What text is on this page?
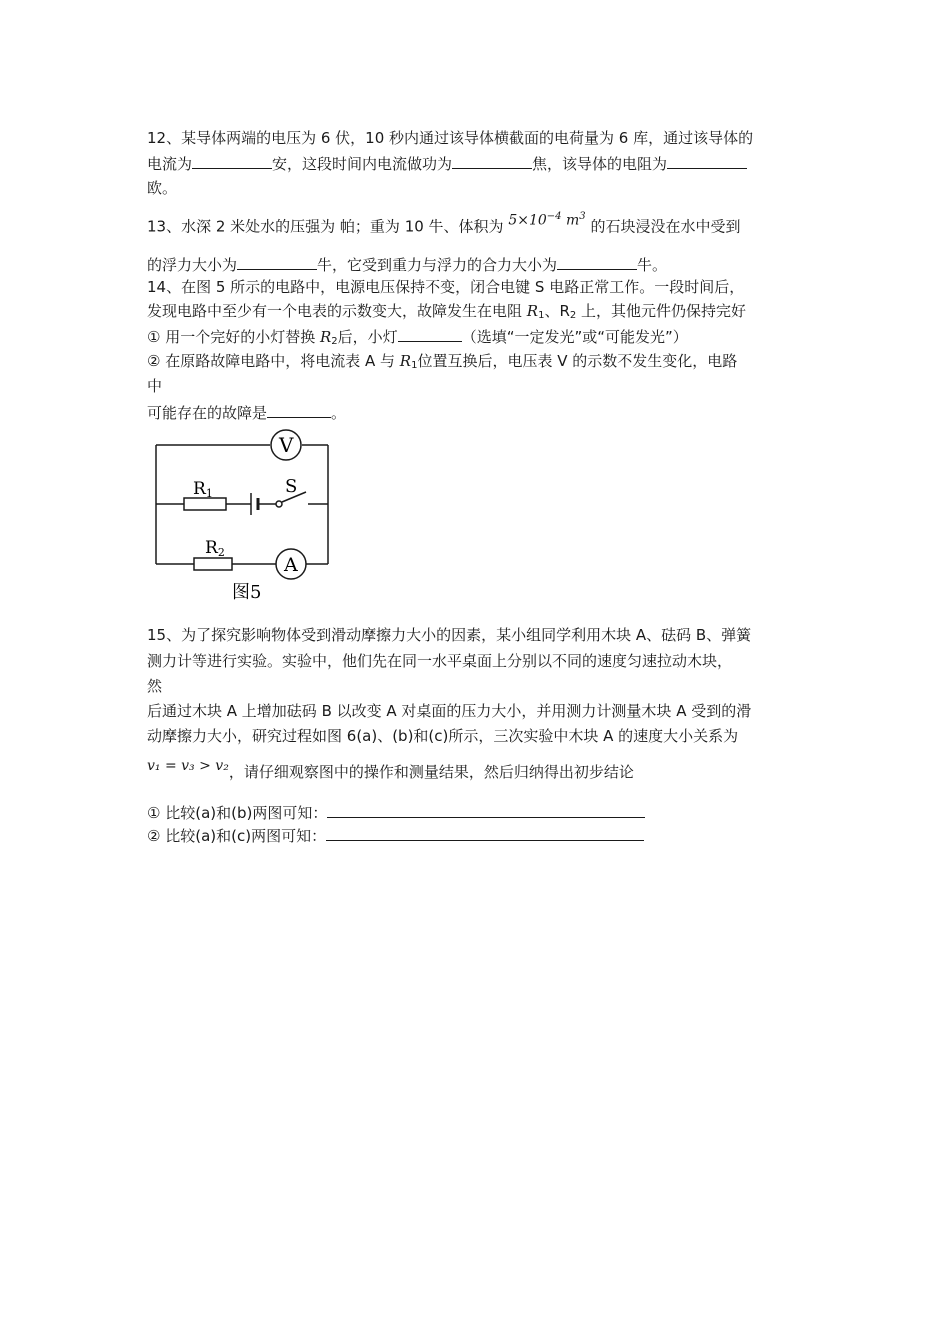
12、某导体两端的电压为 6 伏，10 秒内通过该导体横截面的电荷量为 6 库，通过该导体的
电流为	安，这段时间内电流做功为	焦，该导体的电阻为
欧。
13、水深 2 米处水的压强为 帕；重为 10 牛、体积为 $5\times 10^{-4}$ $m^3$ 的石块浸没在水中受到
的浮力大小为	牛，它受到重力与浮力的合力大小为	牛。
14、在图 5 所示的电路中，电源电压保持不变，闭合电键 S 电路正常工作。一段时间后，
发现电路中至少有一个电表的示数变大，故障发生在电阻 $R_1$、$R_2$ 上，其他元件仍保持完好
① 用一个完好的小灯替换 $R_2$后，小灯	（选填“一定发光”或“可能发光”）
② 在原路故障电路中，将电流表 A 与 $R_1$位置互换后，电压表 V 的示数不发生变化，电路
中
可能存在的故障是	。
V
A
R1
R2
S
图5
15、为了探究影响物体受到滑动摩擦力大小的因素，某小组同学利用木块 A、砝码 B、弹簧
测力计等进行实验。实验中，他们先在同一水平桌面上分别以不同的速度匀速拉动木块，
然
后通过木块 A 上增加砝码 B 以改变 A 对桌面的压力大小，并用测力计测量木块 A 受到的滑
动摩擦力大小，研究过程如图 6(a)、(b)和(c)所示，三次实验中木块 A 的速度大小关系为
v₁ = v₃ > v₂，请仔细观察图中的操作和测量结果，然后归纳得出初步结论
① 比较(a)和(b)两图可知：
② 比较(a)和(c)两图可知：
